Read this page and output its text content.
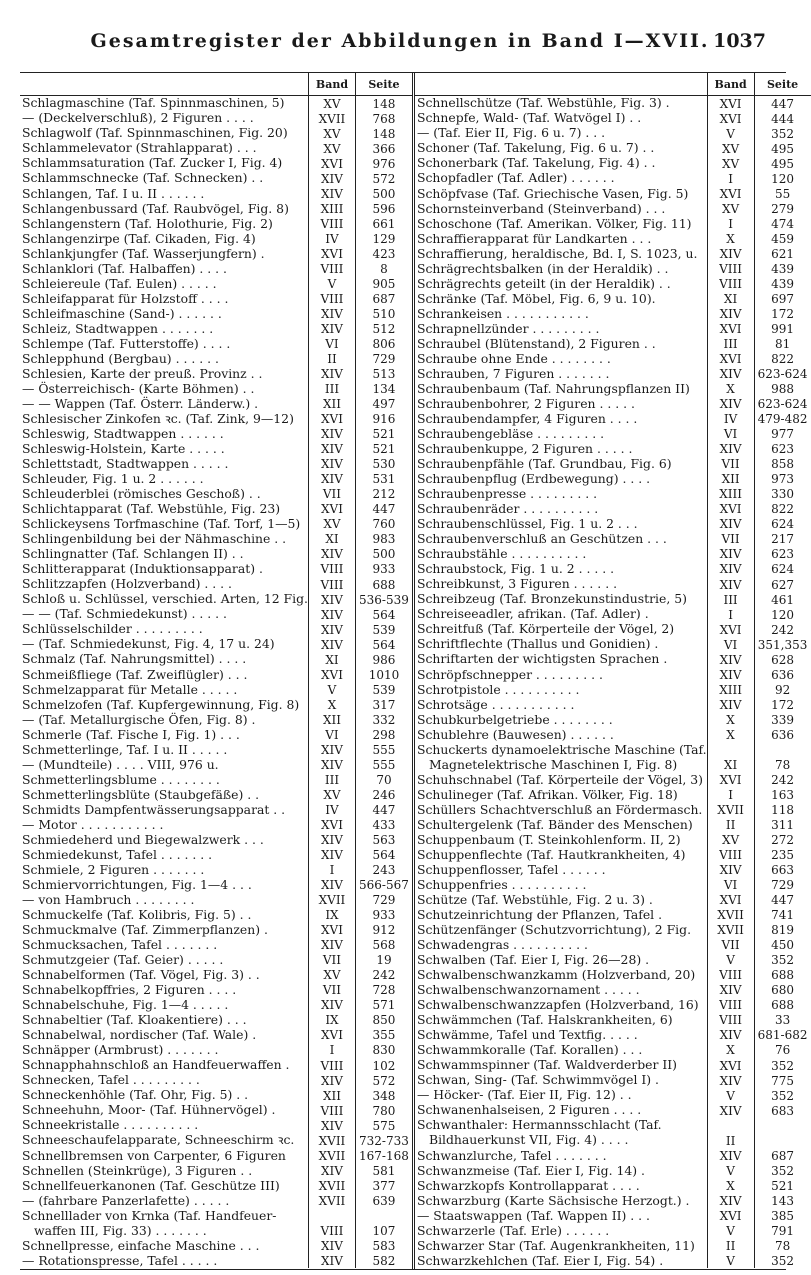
Gesamtregister der Abbildungen in Band I—XVII. 1037
Band	Seite
Schlagmaschine (Taf. Spinnmaschinen, 5)	XV	148
— (Deckelverschluß), 2 Figuren . . . .	XVII	768
Schlagwolf (Taf. Spinnmaschinen, Fig. 20)	XV	148
Schlammelevator (Strahlapparat) . . .	XV	366
Schlammsaturation (Taf. Zucker I, Fig. 4)	XVI	976
Schlammschnecke (Taf. Schnecken) . .	XIV	572
Schlangen, Taf. I u. II . . . . . .	XIV	500
Schlangenbussard (Taf. Raubvögel, Fig. 8)	XIII	596
Schlangenstern (Taf. Holothurie, Fig. 2)	VIII	661
Schlangenzirpe (Taf. Cikaden, Fig. 4)	IV	129
Schlankjungfer (Taf. Wasserjungfern) .	XVI	423
Schlanklori (Taf. Halbaffen) . . . .	VIII	8
Schleiereule (Taf. Eulen) . . . . .	V	905
Schleifapparat für Holzstoff . . . .	VIII	687
Schleifmaschine (Sand-) . . . . . .	XIV	510
Schleiz, Stadtwappen . . . . . . .	XIV	512
Schlempe (Taf. Futterstoffe) . . . .	VI	806
Schlepphund (Bergbau) . . . . . .	II	729
Schlesien, Karte der preuß. Provinz . .	XIV	513
— Österreichisch- (Karte Böhmen) . .	III	134
— — Wappen (Taf. Österr. Länderw.) .	XII	497
Schlesischer Zinkofen ꝛc. (Taf. Zink, 9—12)	XVI	916
Schleswig, Stadtwappen . . . . . .	XIV	521
Schleswig-Holstein, Karte . . . . .	XIV	521
Schlettstadt, Stadtwappen . . . . .	XIV	530
Schleuder, Fig. 1 u. 2 . . . . . .	XIV	531
Schleuderblei (römisches Geschoß) . .	VII	212
Schlichtapparat (Taf. Webstühle, Fig. 23)	XVI	447
Schlickeysens Torfmaschine (Taf. Torf, 1—5)	XV	760
Schlingenbildung bei der Nähmaschine . .	XI	983
Schlingnatter (Taf. Schlangen II) . .	XIV	500
Schlitterapparat (Induktionsapparat) .	VIII	933
Schlitzzapfen (Holzverband) . . . .	VIII	688
Schloß u. Schlüssel, verschied. Arten, 12 Fig.	XIV	536-539
— — (Taf. Schmiedekunst) . . . . .	XIV	564
Schlüsselschilder . . . . . . . . .	XIV	539
— (Taf. Schmiedekunst, Fig. 4, 17 u. 24)	XIV	564
Schmalz (Taf. Nahrungsmittel) . . . .	XI	986
Schmeißfliege (Taf. Zweiflügler) . . .	XVI	1010
Schmelzapparat für Metalle . . . . .	V	539
Schmelzofen (Taf. Kupfergewinnung, Fig. 8)	X	317
— (Taf. Metallurgische Öfen, Fig. 8) .	XII	332
Schmerle (Taf. Fische I, Fig. 1) . . .	VI	298
Schmetterlinge, Taf. I u. II . . . . .	XIV	555
— (Mundteile) . . . . VIII, 976 u.	XIV	555
Schmetterlingsblume . . . . . . . .	III	70
Schmetterlingsblüte (Staubgefäße) . .	XV	246
Schmidts Dampfentwässerungsapparat . .	IV	447
— Motor . . . . . . . . . . .	XVI	433
Schmiedeherd und Biegewalzwerk . . .	XIV	563
Schmiedekunst, Tafel . . . . . . .	XIV	564
Schmiele, 2 Figuren . . . . . . .	I	243
Schmiervorrichtungen, Fig. 1—4 . . .	XIV	566-567
— von Hambruch . . . . . . . .	XVII	729
Schmuckelfe (Taf. Kolibris, Fig. 5) . .	IX	933
Schmuckmalve (Taf. Zimmerpflanzen) .	XVI	912
Schmucksachen, Tafel . . . . . . .	XIV	568
Schmutzgeier (Taf. Geier) . . . . .	VII	19
Schnabelformen (Taf. Vögel, Fig. 3) . .	XV	242
Schnabelkopffries, 2 Figuren . . . .	VII	728
Schnabelschuhe, Fig. 1—4 . . . . .	XIV	571
Schnabeltier (Taf. Kloakentiere) . . .	IX	850
Schnabelwal, nordischer (Taf. Wale) .	XVI	355
Schnäpper (Armbrust) . . . . . . .	I	830
Schnapphahnschloß an Handfeuerwaffen .	VIII	102
Schnecken, Tafel . . . . . . . . .	XIV	572
Schneckenhöhle (Taf. Ohr, Fig. 5) . .	XII	348
Schneehuhn, Moor- (Taf. Hühnervögel) .	VIII	780
Schneekristalle . . . . . . . . . .	XIV	575
Schneeschaufelapparate, Schneeschirm ꝛc.	XVII	732-733
Schnellbremsen von Carpenter, 6 Figuren	XVII	167-168
Schnellen (Steinkrüge), 3 Figuren . .	XIV	581
Schnellfeuerkanonen (Taf. Geschütze III)	XVII	377
— (fahrbare Panzerlafette) . . . . .	XVII	639
Schnelllader von Krnka (Taf. Handfeuer-
waffen III, Fig. 33) . . . . . . .	VIII	107
Schnellpresse, einfache Maschine . . .	XIV	583
— Rotationspresse, Tafel . . . . .	XIV	582
Band	Seite
Schnellschütze (Taf. Webstühle, Fig. 3) .	XVI	447
Schnepfe, Wald- (Taf. Watvögel I) . .	XVI	444
— (Taf. Eier II, Fig. 6 u. 7) . . .	V	352
Schoner (Taf. Takelung, Fig. 6 u. 7) . .	XV	495
Schonerbark (Taf. Takelung, Fig. 4) . .	XV	495
Schopfadler (Taf. Adler) . . . . . .	I	120
Schöpfvase (Taf. Griechische Vasen, Fig. 5)	XVI	55
Schornsteinverband (Steinverband) . . .	XV	279
Schoschone (Taf. Amerikan. Völker, Fig. 11)	I	474
Schraffierapparat für Landkarten . . .	X	459
Schraffierung, heraldische, Bd. I, S. 1023, u.	XIV	621
Schrägrechtsbalken (in der Heraldik) . .	VIII	439
Schrägrechts geteilt (in der Heraldik) . .	VIII	439
Schränke (Taf. Möbel, Fig. 6, 9 u. 10).	XI	697
Schrankeisen . . . . . . . . . . .	XIV	172
Schrapnellzünder . . . . . . . . .	XVI	991
Schraubel (Blütenstand), 2 Figuren . .	III	81
Schraube ohne Ende . . . . . . . .	XVI	822
Schrauben, 7 Figuren . . . . . . .	XIV	623-624
Schraubenbaum (Taf. Nahrungspflanzen II)	X	988
Schraubenbohrer, 2 Figuren . . . . .	XIV	623-624
Schraubendampfer, 4 Figuren . . . .	IV	479-482
Schraubengebläse . . . . . . . . .	VI	977
Schraubenkuppe, 2 Figuren . . . . .	XIV	623
Schraubenpfähle (Taf. Grundbau, Fig. 6)	VII	858
Schraubenpflug (Erdbewegung) . . . .	XII	973
Schraubenpresse . . . . . . . . .	XIII	330
Schraubenräder . . . . . . . . . .	XVI	822
Schraubenschlüssel, Fig. 1 u. 2 . . .	XIV	624
Schraubenverschluß an Geschützen . . .	VII	217
Schraubstähle . . . . . . . . . .	XIV	623
Schraubstock, Fig. 1 u. 2 . . . . .	XIV	624
Schreibkunst, 3 Figuren . . . . . .	XIV	627
Schreibzeug (Taf. Bronzekunstindustrie, 5)	III	461
Schreiseeadler, afrikan. (Taf. Adler) .	I	120
Schreitfuß (Taf. Körperteile der Vögel, 2)	XVI	242
Schriftflechte (Thallus und Gonidien) .	VI	351,353
Schriftarten der wichtigsten Sprachen .	XIV	628
Schröpfschnepper . . . . . . . . .	XIV	636
Schrotpistole . . . . . . . . . .	XIII	92
Schrotsäge . . . . . . . . . . .	XIV	172
Schubkurbelgetriebe . . . . . . . .	X	339
Schublehre (Bauwesen) . . . . . .	X	636
Schuckerts dynamoelektrische Maschine (Taf.
Magnetelektrische Maschinen I, Fig. 8)	XI	78
Schuhschnabel (Taf. Körperteile der Vögel, 3)	XVI	242
Schulineger (Taf. Afrikan. Völker, Fig. 18)	I	163
Schüllers Schachtverschluß an Fördermasch.	XVII	118
Schultergelenk (Taf. Bänder des Menschen)	II	311
Schuppenbaum (T. Steinkohlenform. II, 2)	XV	272
Schuppenflechte (Taf. Hautkrankheiten, 4)	VIII	235
Schuppenflosser, Tafel . . . . . .	XIV	663
Schuppenfries . . . . . . . . . .	VI	729
Schütze (Taf. Webstühle, Fig. 2 u. 3) .	XVI	447
Schutzeinrichtung der Pflanzen, Tafel .	XVII	741
Schützenfänger (Schutzvorrichtung), 2 Fig.	XVII	819
Schwadengras . . . . . . . . . .	VII	450
Schwalben (Taf. Eier I, Fig. 26—28) .	V	352
Schwalbenschwanzkamm (Holzverband, 20)	VIII	688
Schwalbenschwanzornament . . . . .	XIV	680
Schwalbenschwanzzapfen (Holzverband, 16)	VIII	688
Schwämmchen (Taf. Halskrankheiten, 6)	VIII	33
Schwämme, Tafel und Textfig. . . . .	XIV	681-682
Schwammkoralle (Taf. Korallen) . . .	X	76
Schwammspinner (Taf. Waldverderber II)	XVI	352
Schwan, Sing- (Taf. Schwimmvögel I) .	XIV	775
— Höcker- (Taf. Eier II, Fig. 12) . .	V	352
Schwanenhalseisen, 2 Figuren . . . .	XIV	683
Schwanthaler: Hermannsschlacht (Taf.
Bildhauerkunst VII, Fig. 4) . . . .	II
Schwanzlurche, Tafel . . . . . . .	XIV	687
Schwanzmeise (Taf. Eier I, Fig. 14) .	V	352
Schwarzkopfs Kontrollapparat . . . .	X	521
Schwarzburg (Karte Sächsische Herzogt.) .	XIV	143
— Staatswappen (Taf. Wappen II) . . .	XVI	385
Schwarzerle (Taf. Erle) . . . . . .	V	791
Schwarzer Star (Taf. Augenkrankheiten, 11)	II	78
Schwarzkehlchen (Taf. Eier I, Fig. 54) .	V	352
